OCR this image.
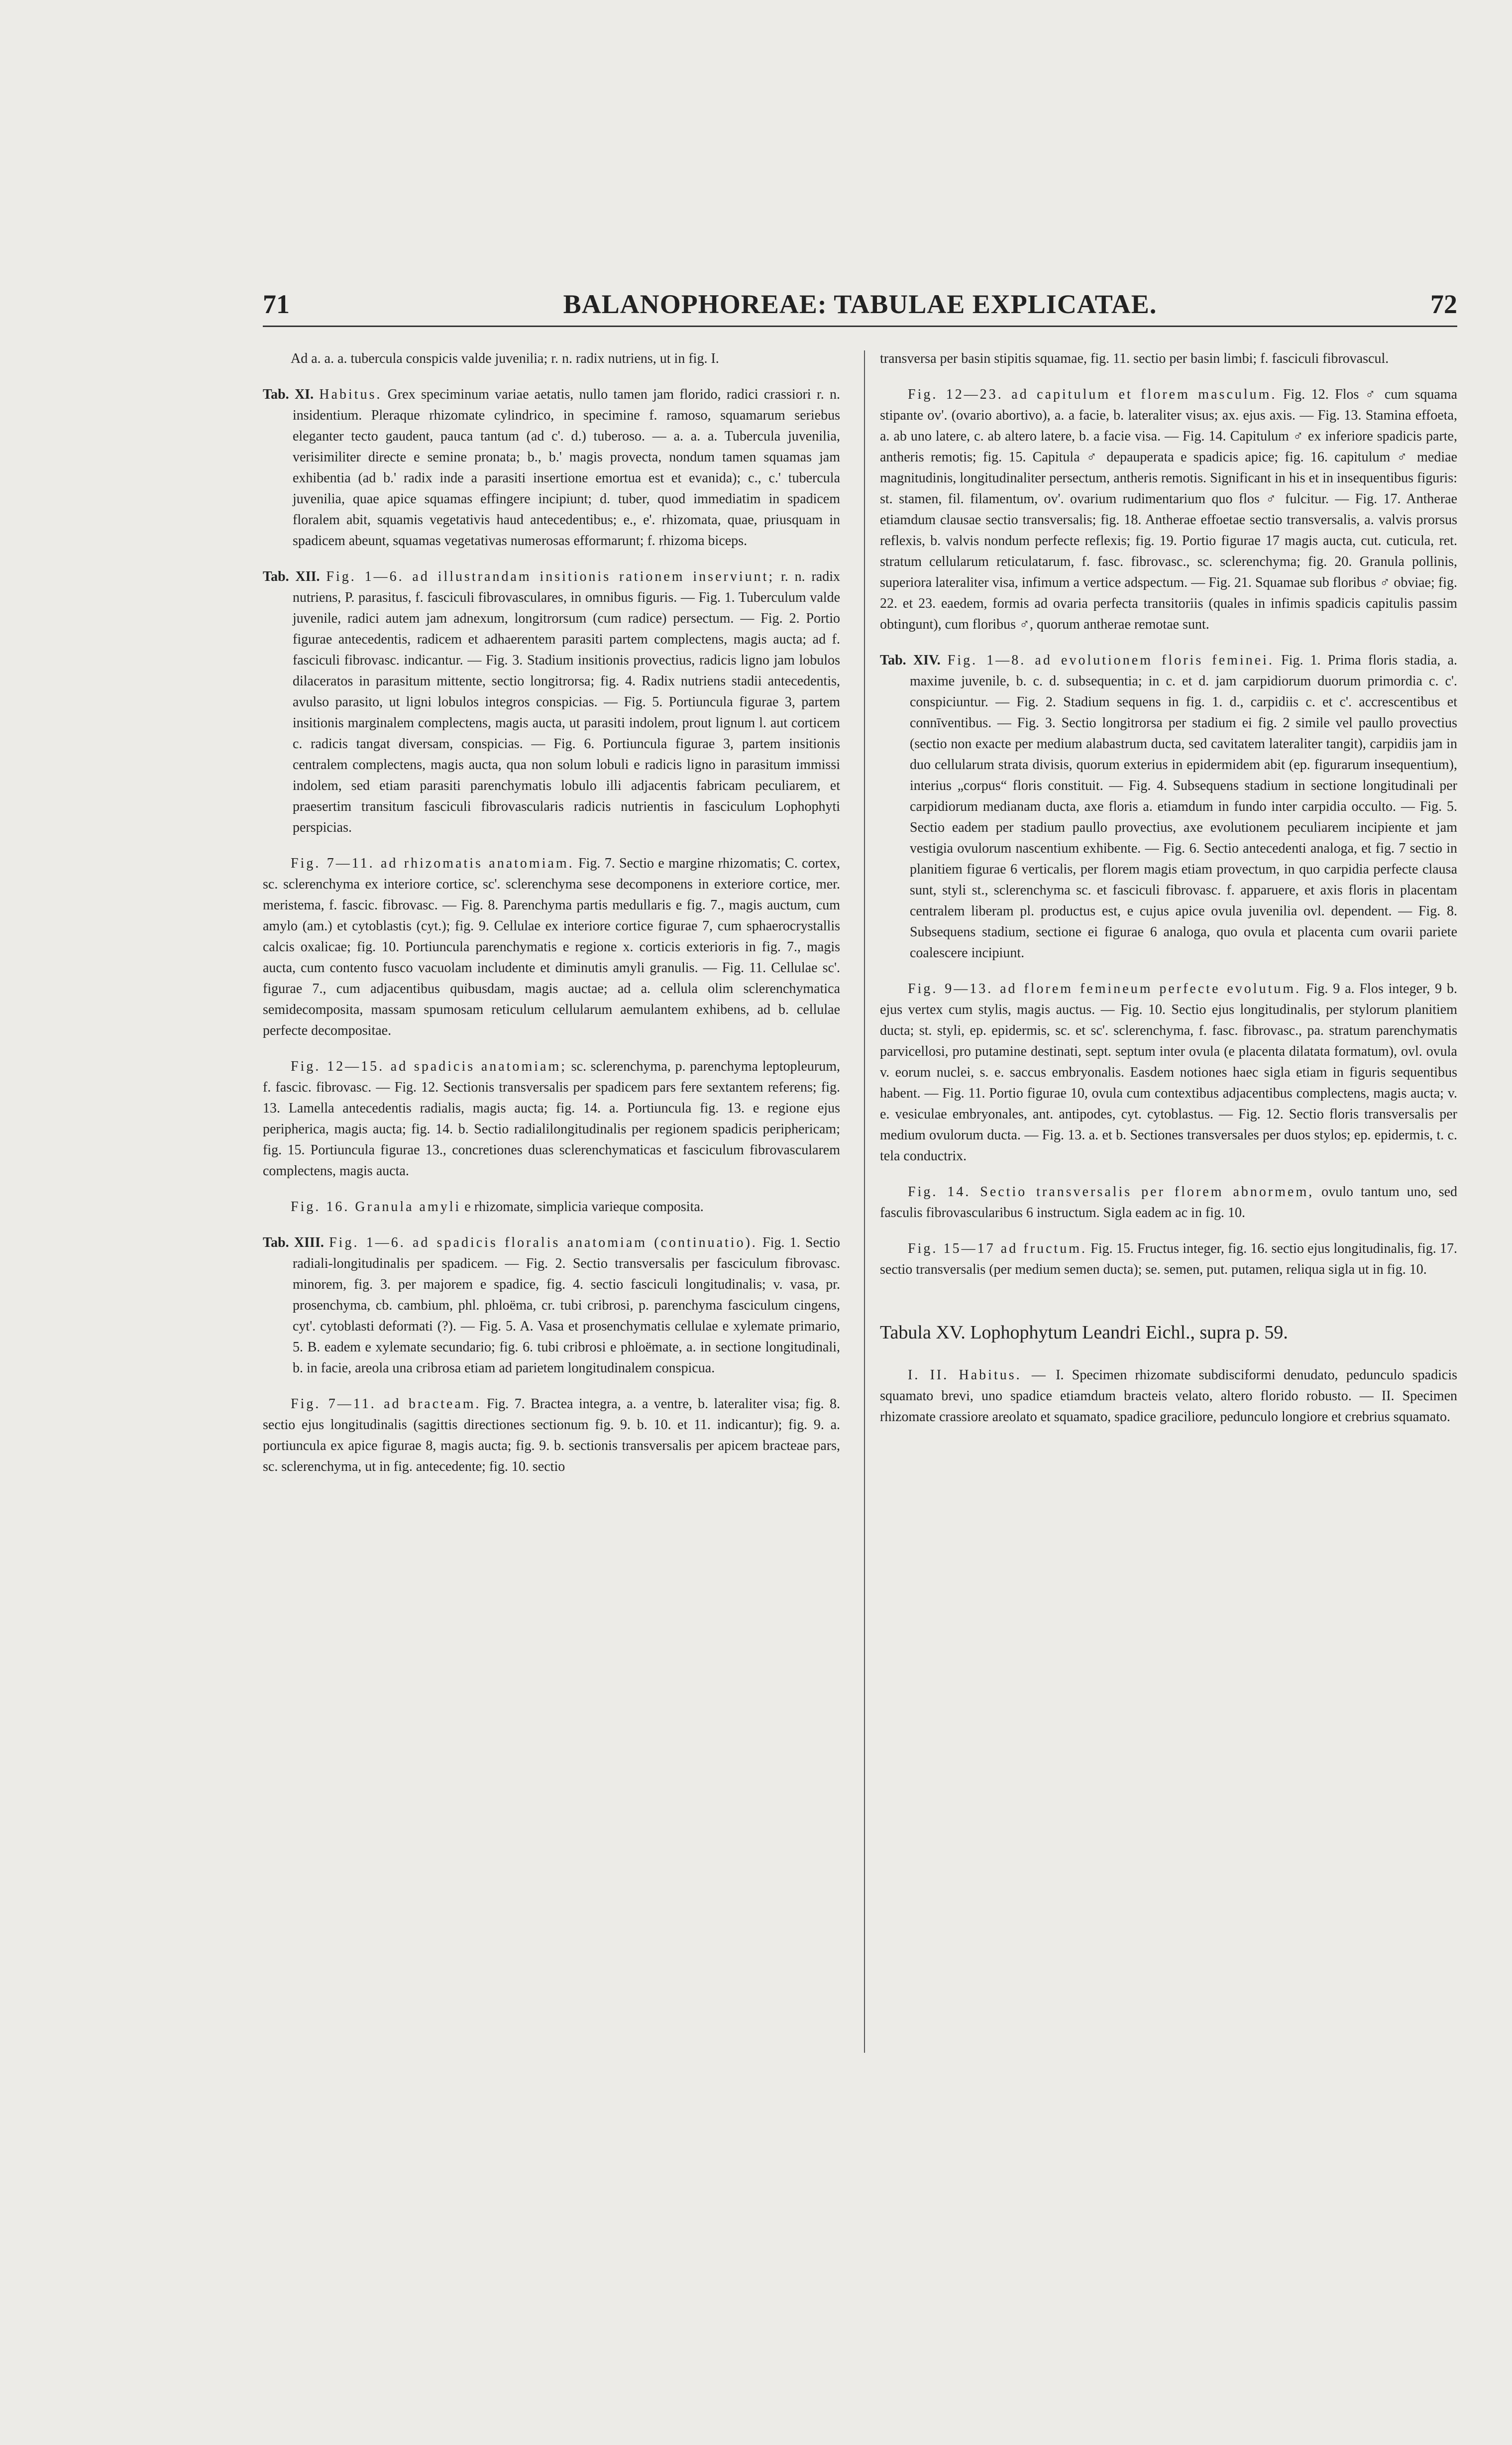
71	BALANOPHOREAE: TABULAE EXPLICATAE.	72

Ad a. a. a. tubercula conspicis valde juvenilia; r. n. radix nutriens, ut in fig. I.

Tab. XI. Habitus. Grex speciminum variae aetatis, nullo tamen jam florido, radici crassiori r. n. insidentium. Pleraque rhizomate cylindrico, in specimine f. ramoso, squamarum seriebus eleganter tecto gaudent, pauca tantum (ad c'. d.) tuberoso. — a. a. a. Tubercula juvenilia, verisimiliter directe e semine pronata; b., b.' magis provecta, nondum tamen squamas jam exhibentia (ad b.' radix inde a parasiti insertione emortua est et evanida); c., c.' tubercula juvenilia, quae apice squamas effingere incipiunt; d. tuber, quod immediatim in spadicem floralem abit, squamis vegetativis haud antecedentibus; e., e'. rhizomata, quae, priusquam in spadicem abeunt, squamas vegetativas numerosas efformarunt; f. rhizoma biceps.

Tab. XII. Fig. 1—6. ad illustrandam insitionis rationem inserviunt; r. n. radix nutriens, P. parasitus, f. fasciculi fibrovasculares, in omnibus figuris. — Fig. 1. Tuberculum valde juvenile, radici autem jam adnexum, longitrorsum (cum radice) persectum. — Fig. 2. Portio figurae antecedentis, radicem et adhaerentem parasiti partem complectens, magis aucta; ad f. fasciculi fibrovasc. indicantur. — Fig. 3. Stadium insitionis provectius, radicis ligno jam lobulos dilaceratos in parasitum mittente, sectio longitrorsa; fig. 4. Radix nutriens stadii antecedentis, avulso parasito, ut ligni lobulos integros conspicias. — Fig. 5. Portiuncula figurae 3, partem insitionis marginalem complectens, magis aucta, ut parasiti indolem, prout lignum l. aut corticem c. radicis tangat diversam, conspicias. — Fig. 6. Portiuncula figurae 3, partem insitionis centralem complectens, magis aucta, qua non solum lobuli e radicis ligno in parasitum immissi indolem, sed etiam parasiti parenchymatis lobulo illi adjacentis fabricam peculiarem, et praesertim transitum fasciculi fibrovascularis radicis nutrientis in fasciculum Lophophyti perspicias.

Fig. 7—11. ad rhizomatis anatomiam. Fig. 7. Sectio e margine rhizomatis; C. cortex, sc. sclerenchyma ex interiore cortice, sc'. sclerenchyma sese decomponens in exteriore cortice, mer. meristema, f. fascic. fibrovasc. — Fig. 8. Parenchyma partis medullaris e fig. 7., magis auctum, cum amylo (am.) et cytoblastis (cyt.); fig. 9. Cellulae ex interiore cortice figurae 7, cum sphaerocrystallis calcis oxalicae; fig. 10. Portiuncula parenchymatis e regione x. corticis exterioris in fig. 7., magis aucta, cum contento fusco vacuolam includente et diminutis amyli granulis. — Fig. 11. Cellulae sc'. figurae 7., cum adjacentibus quibusdam, magis auctae; ad a. cellula olim sclerenchymatica semidecomposita, massam spumosam reticulum cellularum aemulantem exhibens, ad b. cellulae perfecte decompositae.

Fig. 12—15. ad spadicis anatomiam; sc. sclerenchyma, p. parenchyma leptopleurum, f. fascic. fibrovasc. — Fig. 12. Sectionis transversalis per spadicem pars fere sextantem referens; fig. 13. Lamella antecedentis radialis, magis aucta; fig. 14. a. Portiuncula fig. 13. e regione ejus peripherica, magis aucta; fig. 14. b. Sectio radialilongitudinalis per regionem spadicis periphericam; fig. 15. Portiuncula figurae 13., concretiones duas sclerenchymaticas et fasciculum fibrovascularem complectens, magis aucta.

Fig. 16. Granula amyli e rhizomate, simplicia varieque composita.

Tab. XIII. Fig. 1—6. ad spadicis floralis anatomiam (continuatio). Fig. 1. Sectio radiali-longitudinalis per spadicem. — Fig. 2. Sectio transversalis per fasciculum fibrovasc. minorem, fig. 3. per majorem e spadice, fig. 4. sectio fasciculi longitudinalis; v. vasa, pr. prosenchyma, cb. cambium, phl. phloëma, cr. tubi cribrosi, p. parenchyma fasciculum cingens, cyt'. cytoblasti deformati (?). — Fig. 5. A. Vasa et prosenchymatis cellulae e xylemate primario, 5. B. eadem e xylemate secundario; fig. 6. tubi cribrosi e phloëmate, a. in sectione longitudinali, b. in facie, areola una cribrosa etiam ad parietem longitudinalem conspicua.

Fig. 7—11. ad bracteam. Fig. 7. Bractea integra, a. a ventre, b. lateraliter visa; fig. 8. sectio ejus longitudinalis (sagittis directiones sectionum fig. 9. b. 10. et 11. indicantur); fig. 9. a. portiuncula ex apice figurae 8, magis aucta; fig. 9. b. sectionis transversalis per apicem bracteae pars, sc. sclerenchyma, ut in fig. antecedente; fig. 10. sectio

transversa per basin stipitis squamae, fig. 11. sectio per basin limbi; f. fasciculi fibrovascul.

Fig. 12—23. ad capitulum et florem masculum. Fig. 12. Flos ♂ cum squama stipante ov'. (ovario abortivo), a. a facie, b. lateraliter visus; ax. ejus axis. — Fig. 13. Stamina effoeta, a. ab uno latere, c. ab altero latere, b. a facie visa. — Fig. 14. Capitulum ♂ ex inferiore spadicis parte, antheris remotis; fig. 15. Capitula ♂ depauperata e spadicis apice; fig. 16. capitulum ♂ mediae magnitudinis, longitudinaliter persectum, antheris remotis. Significant in his et in insequentibus figuris: st. stamen, fil. filamentum, ov'. ovarium rudimentarium quo flos ♂ fulcitur. — Fig. 17. Antherae etiamdum clausae sectio transversalis; fig. 18. Antherae effoetae sectio transversalis, a. valvis prorsus reflexis, b. valvis nondum perfecte reflexis; fig. 19. Portio figurae 17 magis aucta, cut. cuticula, ret. stratum cellularum reticulatarum, f. fasc. fibrovasc., sc. sclerenchyma; fig. 20. Granula pollinis, superiora lateraliter visa, infimum a vertice adspectum. — Fig. 21. Squamae sub floribus ♂ obviae; fig. 22. et 23. eaedem, formis ad ovaria perfecta transitoriis (quales in infimis spadicis capitulis passim obtingunt), cum floribus ♂, quorum antherae remotae sunt.

Tab. XIV. Fig. 1—8. ad evolutionem floris feminei. Fig. 1. Prima floris stadia, a. maxime juvenile, b. c. d. subsequentia; in c. et d. jam carpidiorum duorum primordia c. c'. conspiciuntur. — Fig. 2. Stadium sequens in fig. 1. d., carpidiis c. et c'. accrescentibus et connīventibus. — Fig. 3. Sectio longitrorsa per stadium ei fig. 2 simile vel paullo provectius (sectio non exacte per medium alabastrum ducta, sed cavitatem lateraliter tangit), carpidiis jam in duo cellularum strata divisis, quorum exterius in epidermidem abit (ep. figurarum insequentium), interius „corpus“ floris constituit. — Fig. 4. Subsequens stadium in sectione longitudinali per carpidiorum medianam ducta, axe floris a. etiamdum in fundo inter carpidia occulto. — Fig. 5. Sectio eadem per stadium paullo provectius, axe evolutionem peculiarem incipiente et jam vestigia ovulorum nascentium exhibente. — Fig. 6. Sectio antecedenti analoga, et fig. 7 sectio in planitiem figurae 6 verticalis, per florem magis etiam provectum, in quo carpidia perfecte clausa sunt, styli st., sclerenchyma sc. et fasciculi fibrovasc. f. apparuere, et axis floris in placentam centralem liberam pl. productus est, e cujus apice ovula juvenilia ovl. dependent. — Fig. 8. Subsequens stadium, sectione ei figurae 6 analoga, quo ovula et placenta cum ovarii pariete coalescere incipiunt.

Fig. 9—13. ad florem femineum perfecte evolutum. Fig. 9 a. Flos integer, 9 b. ejus vertex cum stylis, magis auctus. — Fig. 10. Sectio ejus longitudinalis, per stylorum planitiem ducta; st. styli, ep. epidermis, sc. et sc'. sclerenchyma, f. fasc. fibrovasc., pa. stratum parenchymatis parvicellosi, pro putamine destinati, sept. septum inter ovula (e placenta dilatata formatum), ovl. ovula v. eorum nuclei, s. e. saccus embryonalis. Easdem notiones haec sigla etiam in figuris sequentibus habent. — Fig. 11. Portio figurae 10, ovula cum contextibus adjacentibus complectens, magis aucta; v. e. vesiculae embryonales, ant. antipodes, cyt. cytoblastus. — Fig. 12. Sectio floris transversalis per medium ovulorum ducta. — Fig. 13. a. et b. Sectiones transversales per duos stylos; ep. epidermis, t. c. tela conductrix.

Fig. 14. Sectio transversalis per florem abnormem, ovulo tantum uno, sed fasculis fibrovascularibus 6 instructum. Sigla eadem ac in fig. 10.

Fig. 15—17 ad fructum. Fig. 15. Fructus integer, fig. 16. sectio ejus longitudinalis, fig. 17. sectio transversalis (per medium semen ducta); se. semen, put. putamen, reliqua sigla ut in fig. 10.

Tabula XV. Lophophytum Leandri Eichl., supra p. 59.

I. II. Habitus. — I. Specimen rhizomate subdisciformi denudato, pedunculo spadicis squamato brevi, uno spadice etiamdum bracteis velato, altero florido robusto. — II. Specimen rhizomate crassiore areolato et squamato, spadice graciliore, pedunculo longiore et crebrius squamato.
